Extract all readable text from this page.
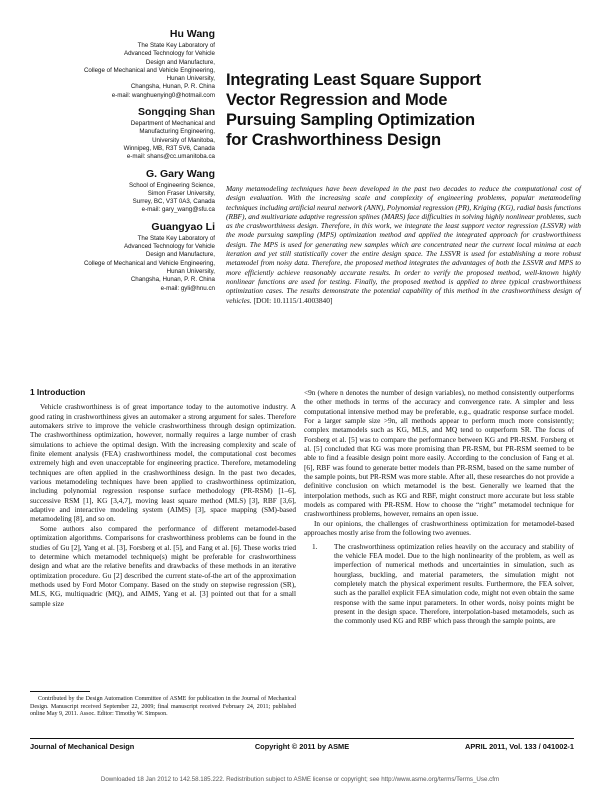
Hu Wang
The State Key Laboratory of
Advanced Technology for Vehicle
Design and Manufacture,
College of Mechanical and Vehicle Engineering,
Hunan University,
Changsha, Hunan, P. R. China
e-mail: wanghuenying0@hotmail.com
Songqing Shan
Department of Mechanical and
Manufacturing Engineering,
University of Manitoba,
Winnipeg, MB, R3T 5V6, Canada
e-mail: shans@cc.umanitoba.ca
G. Gary Wang
School of Engineering Science,
Simon Fraser University,
Surrey, BC, V3T 0A3, Canada
e-mail: gary_wang@sfu.ca
Guangyao Li
The State Key Laboratory of
Advanced Technology for Vehicle
Design and Manufacture,
College of Mechanical and Vehicle Engineering,
Hunan University,
Changsha, Hunan, P. R. China
e-mail: gyli@hnu.cn
Integrating Least Square Support
Vector Regression and Mode
Pursuing Sampling Optimization
for Crashworthiness Design
Many metamodeling techniques have been developed in the past two decades to reduce the computational cost of design evaluation. With the increasing scale and complexity of engineering problems, popular metamodeling techniques including artificial neural network (ANN), Polynomial regression (PR), Kriging (KG), radial basis functions (RBF), and multivariate adaptive regression splines (MARS) face difficulties in solving highly nonlinear problems, such as the crashworthiness design. Therefore, in this work, we integrate the least support vector regression (LSSVR) with the mode pursuing sampling (MPS) optimization method and applied the integrated approach for crashworthiness design. The MPS is used for generating new samples which are concentrated near the current local minima at each iteration and yet still statistically cover the entire design space. The LSSVR is used for establishing a more robust metamodel from noisy data. Therefore, the proposed method integrates the advantages of both the LSSVR and MPS to more efficiently achieve reasonably accurate results. In order to verify the proposed method, well-known highly nonlinear functions are used for testing. Finally, the proposed method is applied to three typical crashworthiness optimization cases. The results demonstrate the potential capability of this method in the crashworthiness design of vehicles. [DOI: 10.1115/1.4003840]
1 Introduction

Vehicle crashworthiness is of great importance today to the automotive industry. A good rating in crashworthiness gives an automaker a strong argument for sales. Therefore automakers strive to improve the vehicle crashworthiness through design optimization. The crashworthiness optimization, however, normally requires a large number of crash simulations to achieve the optimal design. With the increasing complexity and scale of finite element analysis (FEA) crashworthiness model, the computational cost becomes extremely high and even unacceptable for engineering practice. Therefore, metamodeling techniques are often applied in the crashworthiness design. In the past two decades, various metamodeling techniques have been applied to crashworthiness optimization, including polynomial regression response surface methodology (PR-RSM) [1–6], successive RSM [1], KG [3,4,7], moving least square method (MLS) [3], RBF [3,6], adaptive and interactive modeling system (AIMS) [3], space mapping (SM)-based metamodeling [8], and so on.

Some authors also compared the performance of different metamodel-based optimization algorithms. Comparisons for crashworthiness problems can be found in the studies of Gu [2], Yang et al. [3], Forsberg et al. [5], and Fang et al. [6]. These works tried to determine which metamodel technique(s) might be preferable for crashworthiness design and what are the relative benefits and drawbacks of these methods in an iterative optimization procedure. Gu [2] described the current state-of-the art of the approximation methods used by Ford Motor Company. Based on the study on stepwise regression (SR), MLS, KG, multiquadric (MQ), and AIMS, Yang et al. [3] pointed out that for a small sample size

<9n (where n denotes the number of design variables), no method consistently outperforms the other methods in terms of the accuracy and convergence rate. A simpler and less computational intensive method may be preferable, e.g., quadratic response surface model. For a larger sample size >9n, all methods appear to perform much more consistently; complex metamodels such as KG, MLS, and MQ tend to outperform SR. The focus of Forsberg et al. [5] was to compare the performance between KG and PR-RSM. Forsberg et al. [5] concluded that KG was more promising than PR-RSM, but PR-RSM seemed to be able to find a feasible design point more easily. According to the conclusion of Fang et al. [6], RBF was found to generate better models than PR-RSM, based on the same number of the sample points, but PR-RSM was more stable. After all, these researches do not provide a definitive conclusion on which metamodel is the best. Generally we learned that the interpolation methods, such as KG and RBF, might construct more accurate but less stable models as compared with PR-RSM. How to choose the “right” metamodel technique for crashworthiness problems, however, remains an open issue.

In our opinions, the challenges of crashworthiness optimization for metamodel-based approaches mostly arise from the following two avenues.

1.	The crashworthiness optimization relies heavily on the accuracy and stability of the vehicle FEA model. Due to the high nonlinearity of the problem, as well as imperfection of numerical methods and uncertainties in simulation, such as hourglass, buckling, and material parameters, the simulation might not completely match the physical experiment results. Furthermore, the FEA solver, such as the parallel explicit FEA simulation code, might not even obtain the same response with the same input parameters. In other words, noisy points might be present in the design space. Therefore, interpolation-based metamodels, such as the commonly used KG and RBF which pass through the sample points, are
Contributed by the Design Automation Committee of ASME for publication in the Journal of Mechanical Design. Manuscript received September 22, 2009; final manuscript received February 24, 2011; published online May 9, 2011. Assoc. Editor: Timothy W. Simpson.
Journal of Mechanical Design	Copyright © 2011 by ASME	APRIL 2011, Vol. 133 / 041002-1
Downloaded 18 Jan 2012 to 142.58.185.222. Redistribution subject to ASME license or copyright; see http://www.asme.org/terms/Terms_Use.cfm
